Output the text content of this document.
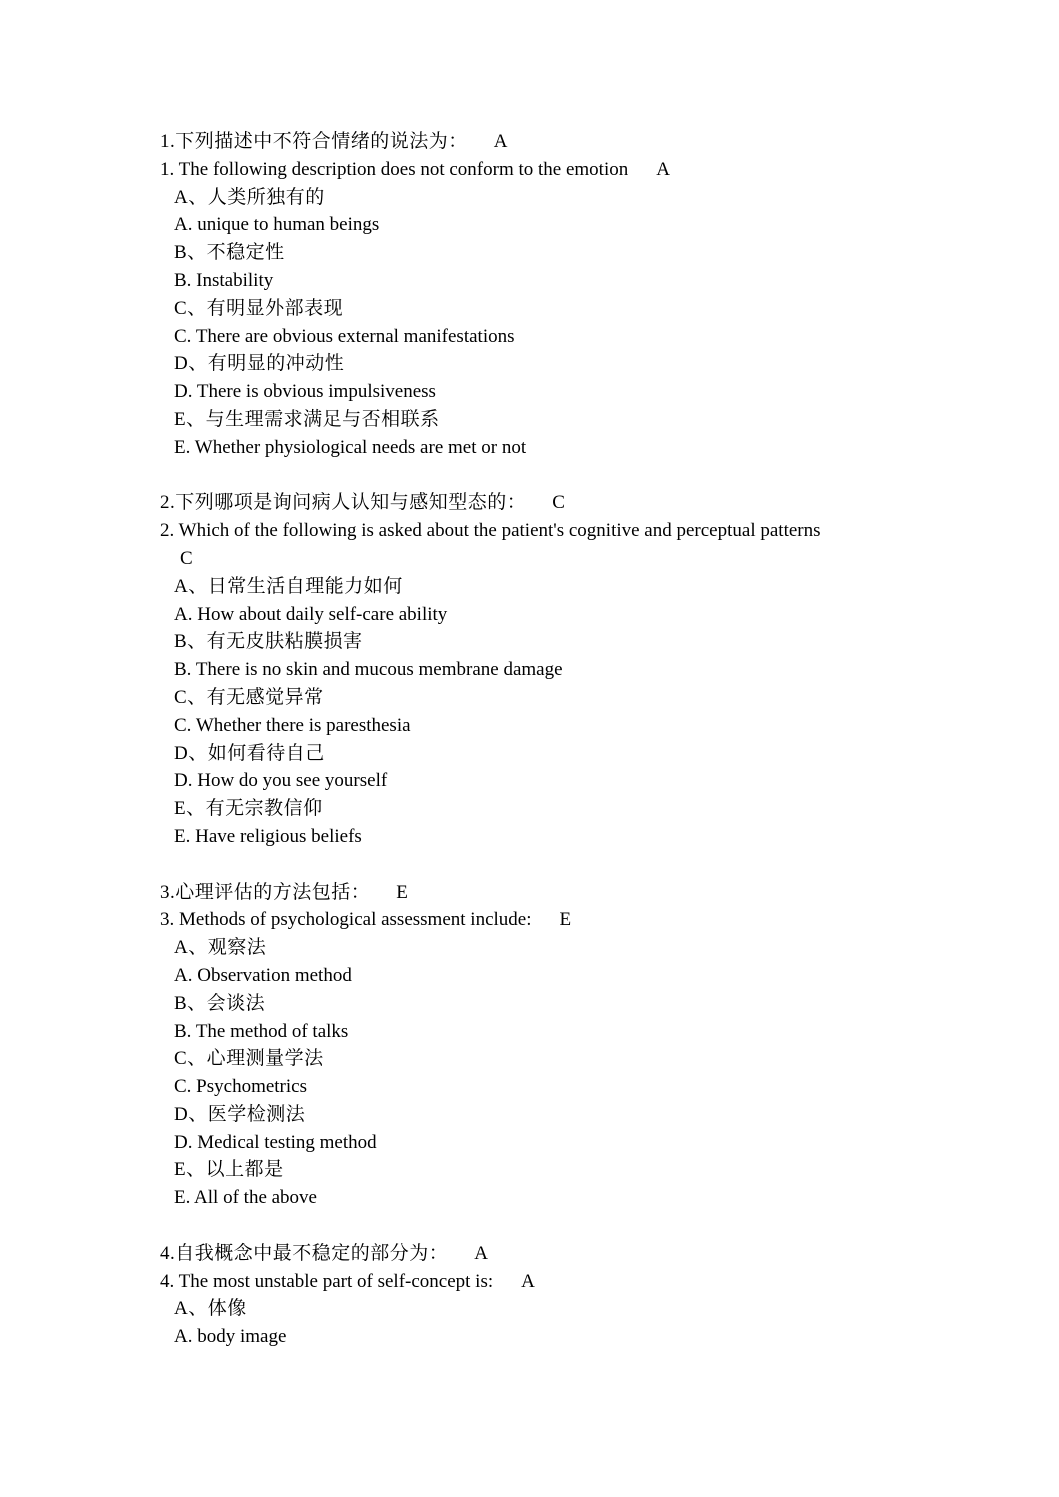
1.下列描述中不符合情绪的说法为： A
1. The following description does not conform to the emotion A
A、人类所独有的
A. unique to human beings
B、不稳定性
B. Instability
C、有明显外部表现
C. There are obvious external manifestations
D、有明显的冲动性
D. There is obvious impulsiveness
E、与生理需求满足与否相联系
E. Whether physiological needs are met or not
2.下列哪项是询问病人认知与感知型态的： C
2. Which of the following is asked about the patient's cognitive and perceptual patternsC
A、日常生活自理能力如何
A. How about daily self-care ability
B、有无皮肤粘膜损害
B. There is no skin and mucous membrane damage
C、有无感觉异常
C. Whether there is paresthesia
D、如何看待自己
D. How do you see yourself
E、有无宗教信仰
E. Have religious beliefs
3.心理评估的方法包括： E
3. Methods of psychological assessment include: E
A、观察法
A. Observation method
B、会谈法
B. The method of talks
C、心理测量学法
C. Psychometrics
D、医学检测法
D. Medical testing method
E、以上都是
E. All of the above
4.自我概念中最不稳定的部分为： A
4. The most unstable part of self-concept is: A
A、体像
A. body image
